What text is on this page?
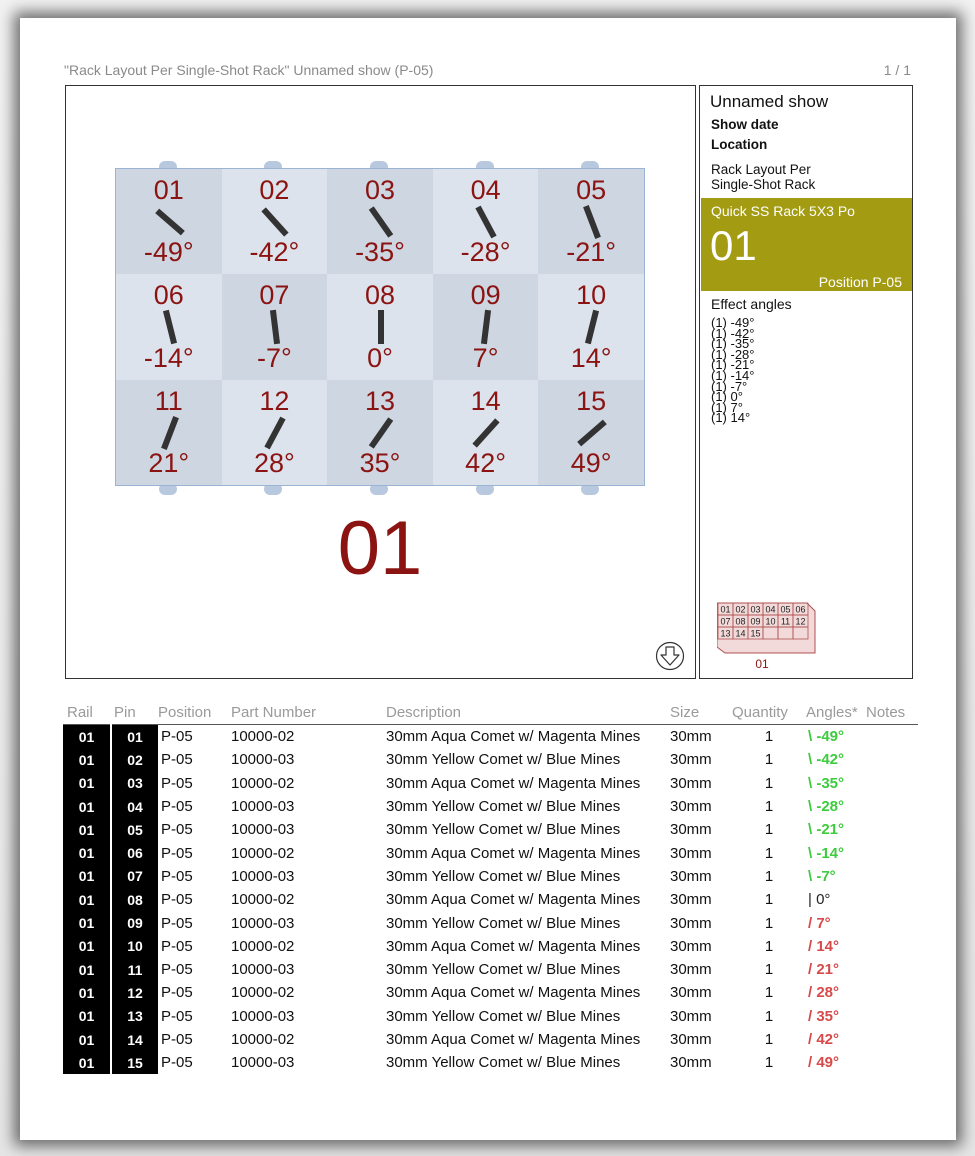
"Rack Layout Per Single-Shot Rack" Unnamed show (P-05)	1 / 1
01
-49°
02
-42°
03
-35°
04
-28°
05
-21°
06
-14°
07
-7°
08
0°
09
7°
10
14°
11
21°
12
28°
13
35°
14
42°
15
49°
01
Unnamed show
Show date
Location
Rack Layout Per
Single-Shot Rack
Quick SS Rack 5X3 Po
01
Position P-05
Effect angles
(1) -49°
(1) -42°
(1) -35°
(1) -28°
(1) -21°
(1) -14°
(1) -7°
(1) 0°
(1) 7°
(1) 14°
01 02 03 04 05 06
07 08 09 10 11 12
13 14 15
01
Rail	Pin	Position	Part Number	Description	Size	Quantity	Angles*	Notes
01	01	P-05	10000-02	30mm Aqua Comet w/ Magenta Mines	30mm	1	\ -49°	
01	02	P-05	10000-03	30mm Yellow Comet w/ Blue Mines	30mm	1	\ -42°	
01	03	P-05	10000-02	30mm Aqua Comet w/ Magenta Mines	30mm	1	\ -35°	
01	04	P-05	10000-03	30mm Yellow Comet w/ Blue Mines	30mm	1	\ -28°	
01	05	P-05	10000-03	30mm Yellow Comet w/ Blue Mines	30mm	1	\ -21°	
01	06	P-05	10000-02	30mm Aqua Comet w/ Magenta Mines	30mm	1	\ -14°	
01	07	P-05	10000-03	30mm Yellow Comet w/ Blue Mines	30mm	1	\ -7°	
01	08	P-05	10000-02	30mm Aqua Comet w/ Magenta Mines	30mm	1	| 0°	
01	09	P-05	10000-03	30mm Yellow Comet w/ Blue Mines	30mm	1	/ 7°	
01	10	P-05	10000-02	30mm Aqua Comet w/ Magenta Mines	30mm	1	/ 14°	
01	11	P-05	10000-03	30mm Yellow Comet w/ Blue Mines	30mm	1	/ 21°	
01	12	P-05	10000-02	30mm Aqua Comet w/ Magenta Mines	30mm	1	/ 28°	
01	13	P-05	10000-03	30mm Yellow Comet w/ Blue Mines	30mm	1	/ 35°	
01	14	P-05	10000-02	30mm Aqua Comet w/ Magenta Mines	30mm	1	/ 42°	
01	15	P-05	10000-03	30mm Yellow Comet w/ Blue Mines	30mm	1	/ 49°	
